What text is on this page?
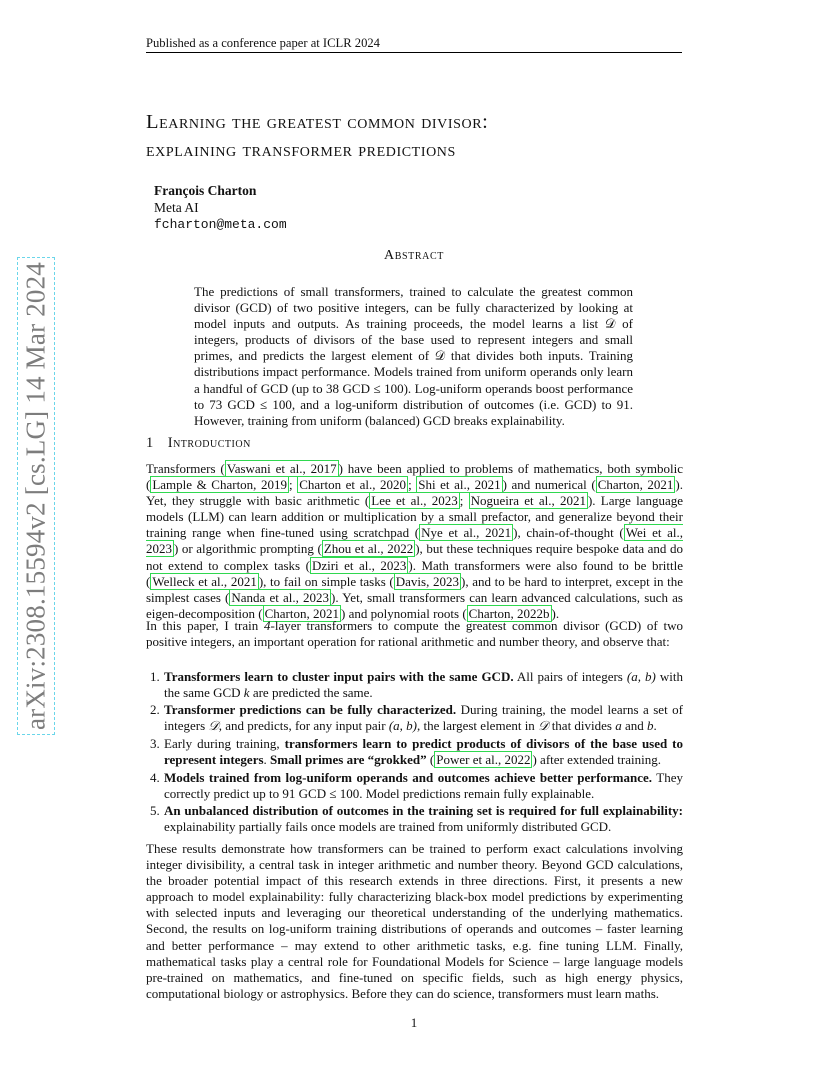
Published as a conference paper at ICLR 2024
arXiv:2308.15594v2 [cs.LG] 14 Mar 2024
Learning the greatest common divisor:
explaining transformer predictions
François Charton
Meta AI
fcharton@meta.com
Abstract
The predictions of small transformers, trained to calculate the greatest common divisor (GCD) of two positive integers, can be fully characterized by looking at model inputs and outputs. As training proceeds, the model learns a list 𝒟 of integers, products of divisors of the base used to represent integers and small primes, and predicts the largest element of 𝒟 that divides both inputs. Training distributions impact performance. Models trained from uniform operands only learn a handful of GCD (up to 38 GCD ≤ 100). Log-uniform operands boost performance to 73 GCD ≤ 100, and a log-uniform distribution of outcomes (i.e. GCD) to 91. However, training from uniform (balanced) GCD breaks explainability.
1 Introduction
Transformers ( Vaswani et al., 2017 ) have been applied to problems of mathematics, both symbolic ( Lample & Charton, 2019 ; Charton et al., 2020 ; Shi et al., 2021 ) and numerical ( Charton, 2021 ). Yet, they struggle with basic arithmetic ( Lee et al., 2023 ; Nogueira et al., 2021 ). Large language models (LLM) can learn addition or multiplication by a small prefactor, and generalize beyond their training range when fine-tuned using scratchpad ( Nye et al., 2021 ), chain-of-thought ( Wei et al., 2023 ) or algorithmic prompting ( Zhou et al., 2022 ), but these techniques require bespoke data and do not extend to complex tasks ( Dziri et al., 2023 ). Math transformers were also found to be brittle ( Welleck et al., 2021 ), to fail on simple tasks ( Davis, 2023 ), and to be hard to interpret, except in the simplest cases ( Nanda et al., 2023 ). Yet, small transformers can learn advanced calculations, such as eigen-decomposition ( Charton, 2021 ) and polynomial roots ( Charton, 2022b ).
In this paper, I train 4-layer transformers to compute the greatest common divisor (GCD) of two positive integers, an important operation for rational arithmetic and number theory, and observe that:
1. Transformers learn to cluster input pairs with the same GCD. All pairs of integers (a, b) with the same GCD k are predicted the same.
2. Transformer predictions can be fully characterized. During training, the model learns a set of integers 𝒟, and predicts, for any input pair (a, b), the largest element in 𝒟 that divides a and b.
3. Early during training, transformers learn to predict products of divisors of the base used to represent integers. Small primes are “grokked” ( Power et al., 2022 ) after extended training.
4. Models trained from log-uniform operands and outcomes achieve better performance. They correctly predict up to 91 GCD ≤ 100. Model predictions remain fully explainable.
5. An unbalanced distribution of outcomes in the training set is required for full explainability: explainability partially fails once models are trained from uniformly distributed GCD.
These results demonstrate how transformers can be trained to perform exact calculations involving integer divisibility, a central task in integer arithmetic and number theory. Beyond GCD calculations, the broader potential impact of this research extends in three directions. First, it presents a new approach to model explainability: fully characterizing black-box model predictions by experimenting with selected inputs and leveraging our theoretical understanding of the underlying mathematics. Second, the results on log-uniform training distributions of operands and outcomes – faster learning and better performance – may extend to other arithmetic tasks, e.g. fine tuning LLM. Finally, mathematical tasks play a central role for Foundational Models for Science – large language models pre-trained on mathematics, and fine-tuned on specific fields, such as high energy physics, computational biology or astrophysics. Before they can do science, transformers must learn maths.
1
